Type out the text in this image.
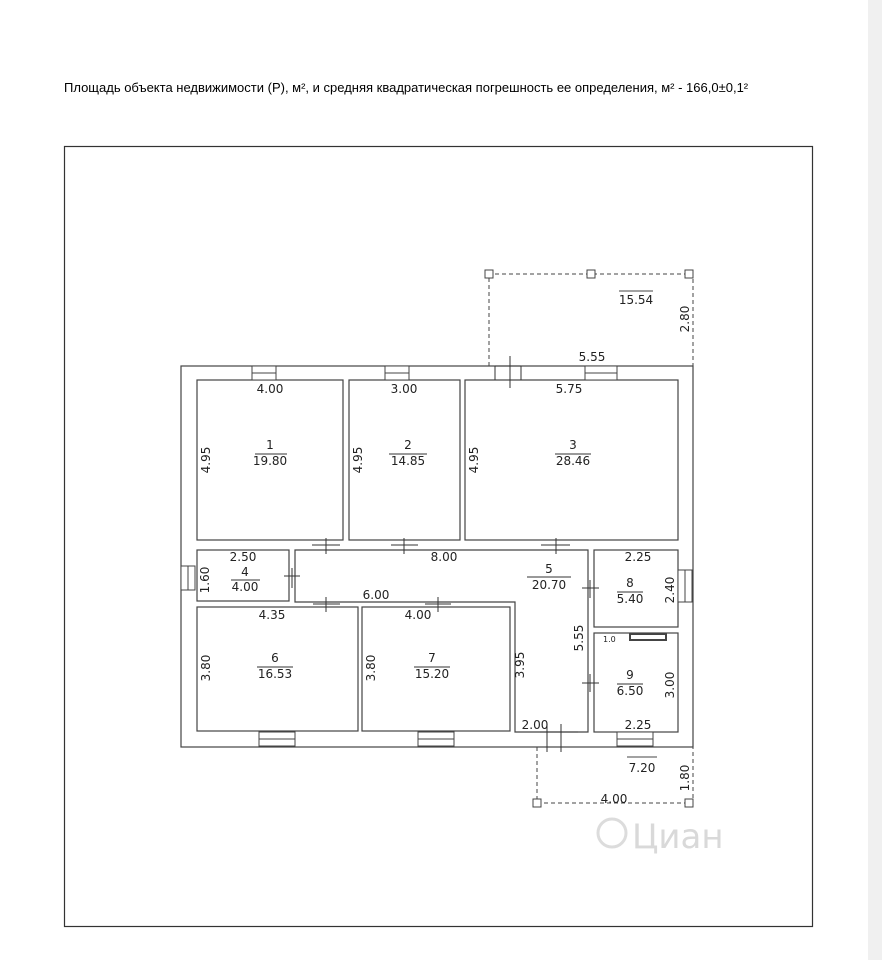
Площадь объекта недвижимости (Р), м², и средняя квадратическая погрешность ее определения, м² - 166,0±0,1²
1
19.80
2
14.85
3
28.46
4
4.00
5
20.70
6
16.53
7
15.20
8
5.40
9
6.50
15.54
7.20
4.00	3.00	5.75
5.55
2.50	8.00	2.25
6.00
4.35	4.00
2.00	2.25
4.00
1.0
4.95	4.95	4.95
2.80
1.60
5.55
3.95
3.80	3.80
2.40
3.00
1.80
Циан
